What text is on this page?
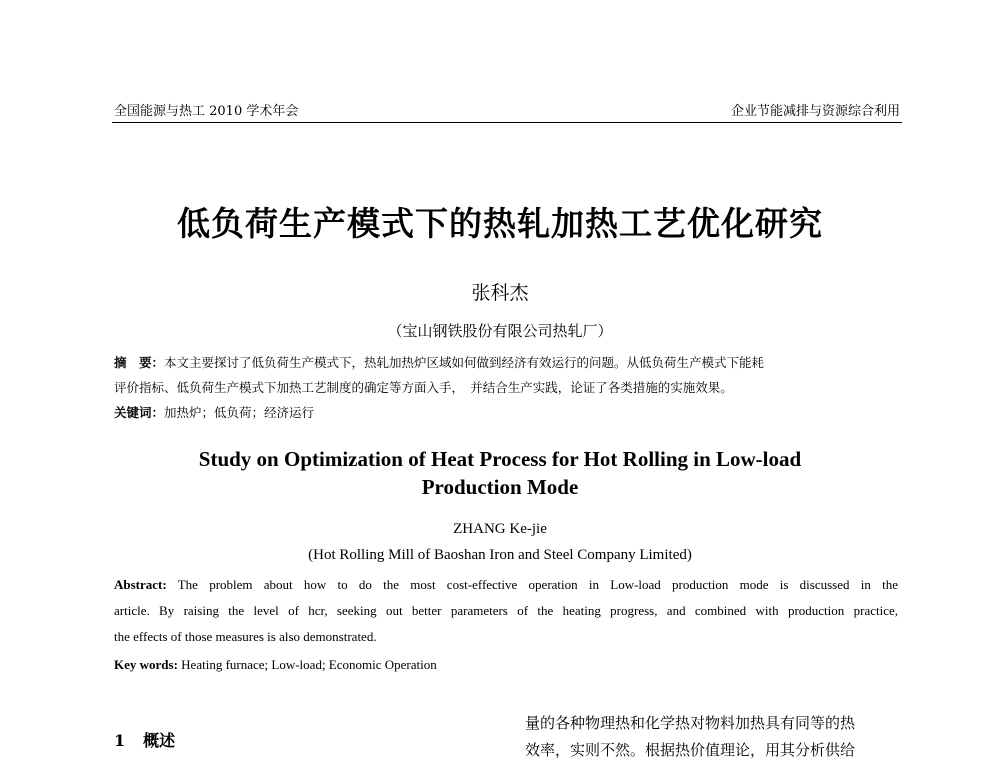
全国能源与热工 2010 学术年会	企业节能减排与资源综合利用
低负荷生产模式下的热轧加热工艺优化研究
张科杰
（宝山钢铁股份有限公司热轧厂）
摘　要：本文主要探讨了低负荷生产模式下，热轧加热炉区域如何做到经济有效运行的问题。从低负荷生产模式下能耗
评价指标、低负荷生产模式下加热工艺制度的确定等方面入手，　并结合生产实践，论证了各类措施的实施效果。
关键词：加热炉；低负荷；经济运行
Study on Optimization of Heat Process for Hot Rolling in Low-load
Production Mode
ZHANG Ke-jie
(Hot Rolling Mill of Baoshan Iron and Steel Company Limited)
Abstract: The problem about how to do the most cost-effective operation in Low-load production mode is discussed in the
article. By raising the level of hcr, seeking out better parameters of the heating progress, and combined with production practice,
the effects of those measures is also demonstrated.
Key words: Heating furnace; Low-load; Economic Operation
1 概述
量的各种物理热和化学热对物料加热具有同等的热
效率，实则不然。根据热价值理论，用其分析供给
